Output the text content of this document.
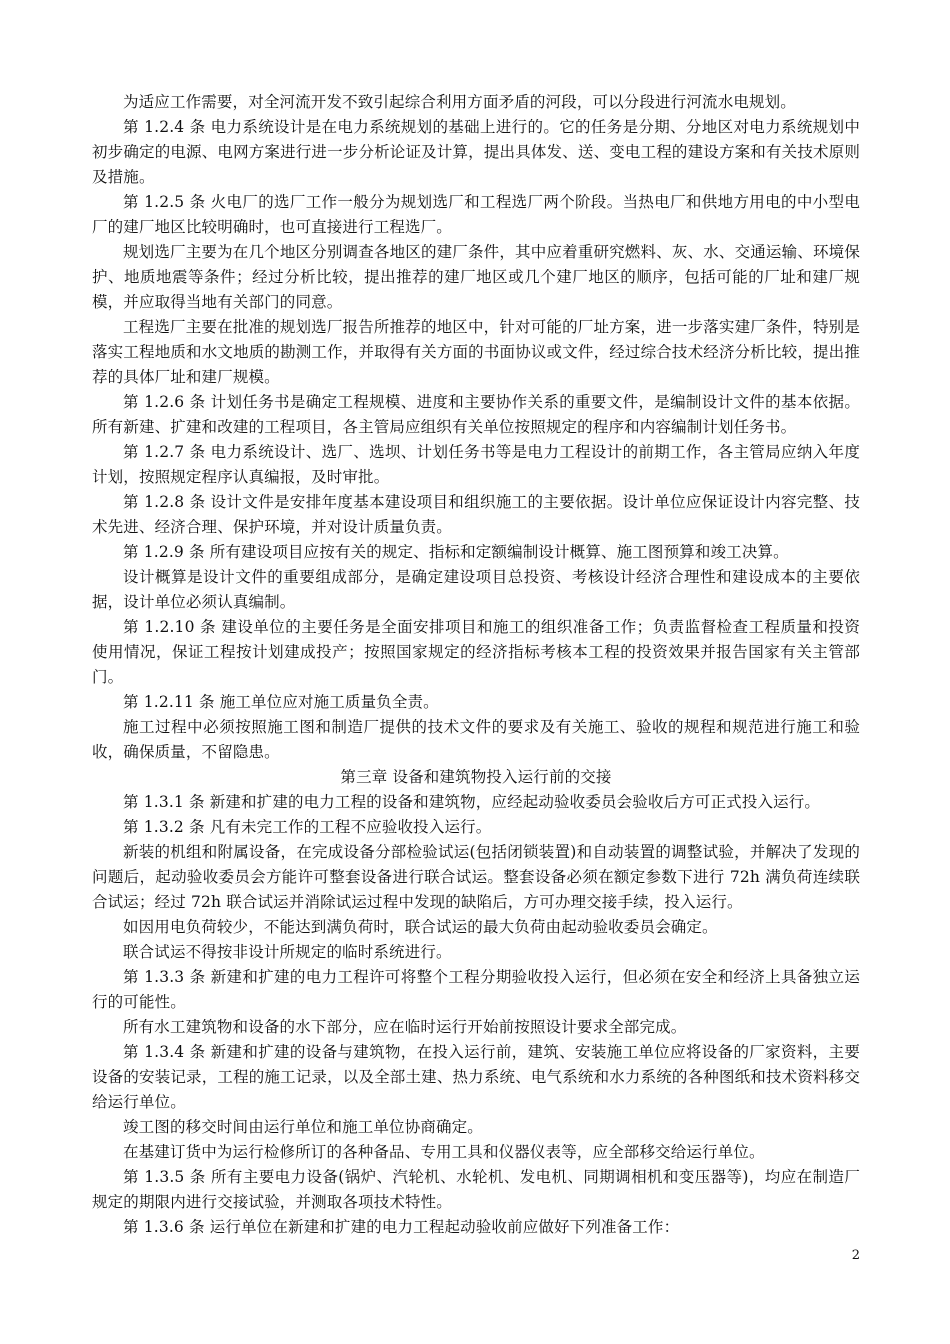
为适应工作需要，对全河流开发不致引起综合利用方面矛盾的河段，可以分段进行河流水电规划。

第 1.2.4 条 电力系统设计是在电力系统规划的基础上进行的。它的任务是分期、分地区对电力系统规划中初步确定的电源、电网方案进行进一步分析论证及计算，提出具体发、送、变电工程的建设方案和有关技术原则及措施。

第 1.2.5 条 火电厂的选厂工作一般分为规划选厂和工程选厂两个阶段。当热电厂和供地方用电的中小型电厂的建厂地区比较明确时，也可直接进行工程选厂。

规划选厂主要为在几个地区分别调查各地区的建厂条件，其中应着重研究燃料、灰、水、交通运输、环境保护、地质地震等条件；经过分析比较，提出推荐的建厂地区或几个建厂地区的顺序，包括可能的厂址和建厂规模，并应取得当地有关部门的同意。

工程选厂主要在批准的规划选厂报告所推荐的地区中，针对可能的厂址方案，进一步落实建厂条件，特别是落实工程地质和水文地质的勘测工作，并取得有关方面的书面协议或文件，经过综合技术经济分析比较，提出推荐的具体厂址和建厂规模。

第 1.2.6 条 计划任务书是确定工程规模、进度和主要协作关系的重要文件，是编制设计文件的基本依据。所有新建、扩建和改建的工程项目，各主管局应组织有关单位按照规定的程序和内容编制计划任务书。

第 1.2.7 条 电力系统设计、选厂、选坝、计划任务书等是电力工程设计的前期工作，各主管局应纳入年度计划，按照规定程序认真编报，及时审批。

第 1.2.8 条 设计文件是安排年度基本建设项目和组织施工的主要依据。设计单位应保证设计内容完整、技术先进、经济合理、保护环境，并对设计质量负责。

第 1.2.9 条 所有建设项目应按有关的规定、指标和定额编制设计概算、施工图预算和竣工决算。

设计概算是设计文件的重要组成部分，是确定建设项目总投资、考核设计经济合理性和建设成本的主要依据，设计单位必须认真编制。

第 1.2.10 条 建设单位的主要任务是全面安排项目和施工的组织准备工作；负责监督检查工程质量和投资使用情况，保证工程按计划建成投产；按照国家规定的经济指标考核本工程的投资效果并报告国家有关主管部门。

第 1.2.11 条 施工单位应对施工质量负全责。

施工过程中必须按照施工图和制造厂提供的技术文件的要求及有关施工、验收的规程和规范进行施工和验收，确保质量，不留隐患。

第三章 设备和建筑物投入运行前的交接

第 1.3.1 条 新建和扩建的电力工程的设备和建筑物，应经起动验收委员会验收后方可正式投入运行。

第 1.3.2 条 凡有未完工作的工程不应验收投入运行。

新装的机组和附属设备，在完成设备分部检验试运(包括闭锁装置)和自动装置的调整试验，并解决了发现的问题后，起动验收委员会方能许可整套设备进行联合试运。整套设备必须在额定参数下进行 72h 满负荷连续联合试运；经过 72h 联合试运并消除试运过程中发现的缺陷后，方可办理交接手续，投入运行。

如因用电负荷较少，不能达到满负荷时，联合试运的最大负荷由起动验收委员会确定。

联合试运不得按非设计所规定的临时系统进行。

第 1.3.3 条 新建和扩建的电力工程许可将整个工程分期验收投入运行，但必须在安全和经济上具备独立运行的可能性。

所有水工建筑物和设备的水下部分，应在临时运行开始前按照设计要求全部完成。

第 1.3.4 条 新建和扩建的设备与建筑物，在投入运行前，建筑、安装施工单位应将设备的厂家资料，主要设备的安装记录，工程的施工记录，以及全部土建、热力系统、电气系统和水力系统的各种图纸和技术资料移交给运行单位。

竣工图的移交时间由运行单位和施工单位协商确定。

在基建订货中为运行检修所订的各种备品、专用工具和仪器仪表等，应全部移交给运行单位。

第 1.3.5 条 所有主要电力设备(锅炉、汽轮机、水轮机、发电机、同期调相机和变压器等)，均应在制造厂规定的期限内进行交接试验，并测取各项技术特性。

第 1.3.6 条 运行单位在新建和扩建的电力工程起动验收前应做好下列准备工作：

2
